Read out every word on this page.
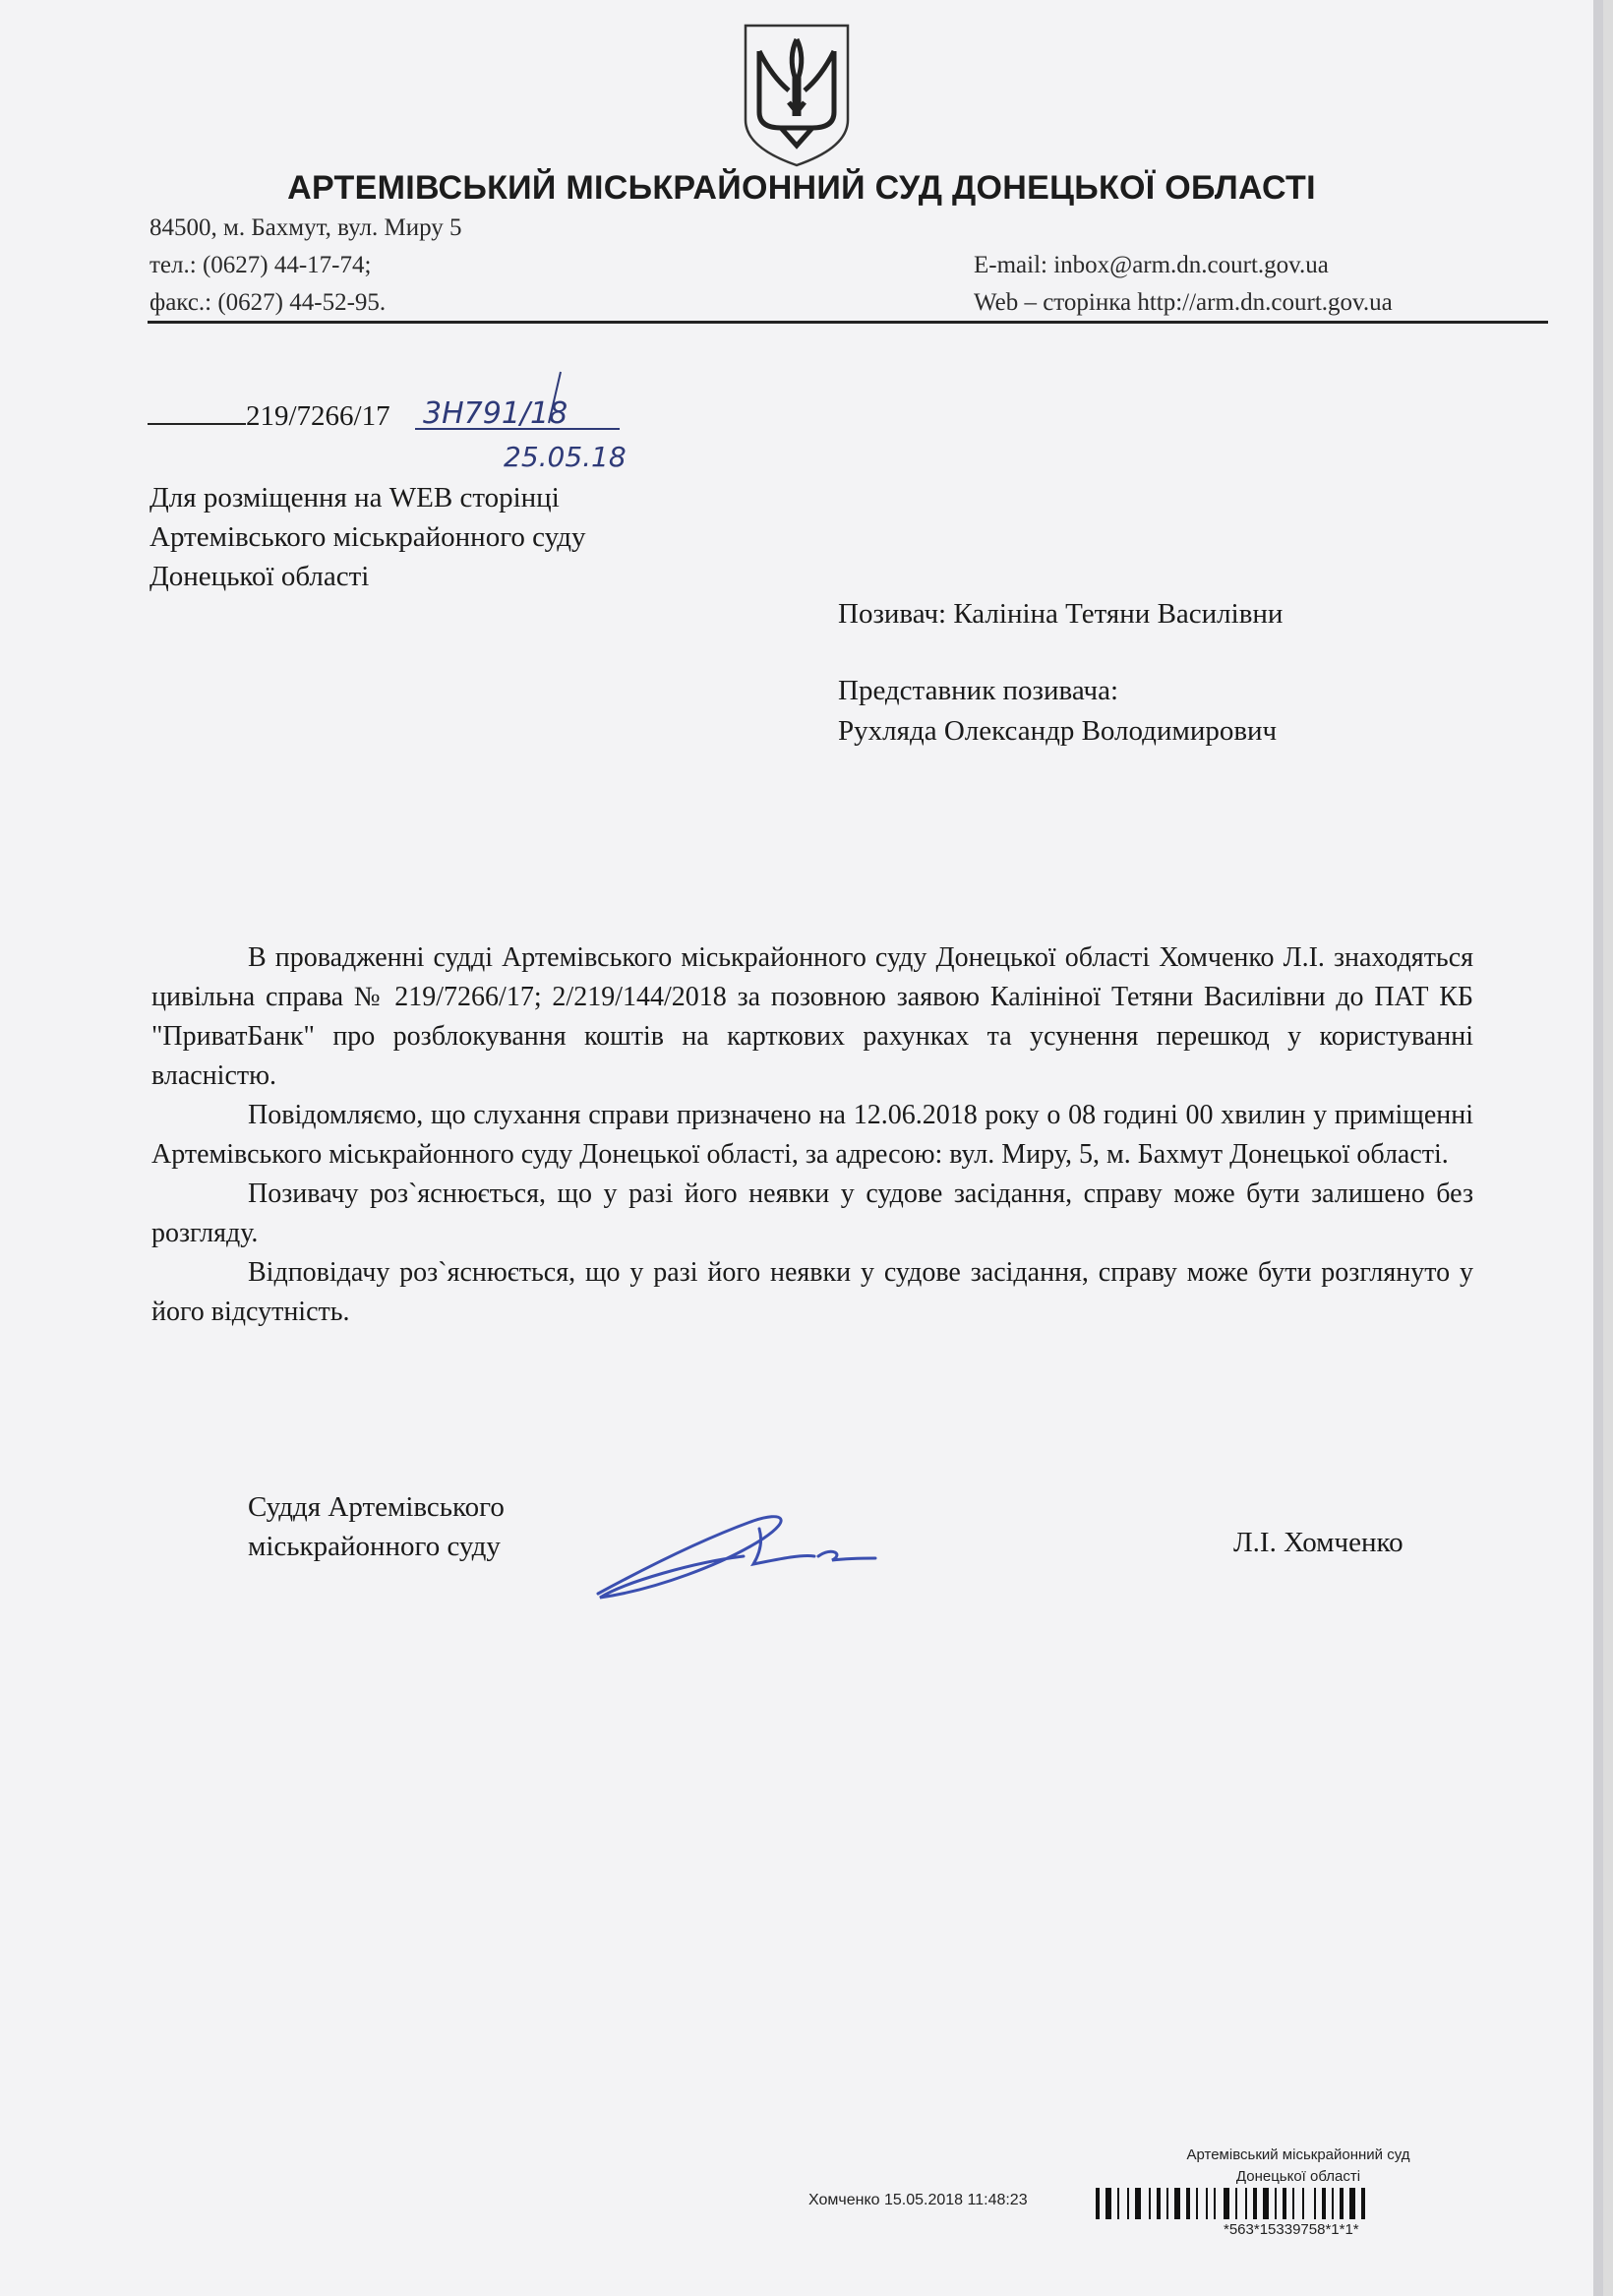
АРТЕМІВСЬКИЙ МІСЬКРАЙОННИЙ СУД ДОНЕЦЬКОЇ ОБЛАСТІ
84500, м. Бахмут, вул. Миру 5
тел.: (0627) 44-17-74;
факс.: (0627) 44-52-95.
E-mail: inbox@arm.dn.court.gov.ua
Web – сторінка http://arm.dn.court.gov.ua
219/7266/17 3H791/18
25.05.18
Для розміщення на WEB сторінці
Артемівського міськрайонного суду
Донецької області
Позивач: Калініна Тетяни Василівни
Представник позивача:
Рухляда Олександр Володимирович

В провадженні судді Артемівського міськрайонного суду Донецької області Хомченко Л.І. знаходяться цивільна справа № 219/7266/17; 2/219/144/2018 за позовною заявою Калініної Тетяни Василівни до ПАТ КБ "ПриватБанк" про розблокування коштів на карткових рахунках та усунення перешкод у користуванні власністю.

Повідомляємо, що слухання справи призначено на 12.06.2018 року о 08 годині 00 хвилин у приміщенні Артемівського міськрайонного суду Донецької області, за адресою: вул. Миру, 5, м. Бахмут Донецької області.

Позивачу роз`яснюється, що у разі його неявки у судове засідання, справу може бути залишено без розгляду.

Відповідачу роз`яснюється, що у разі його неявки у судове засідання, справу може бути розглянуто у його відсутність.

Суддя Артемівського
міськрайонного суду	Л.І. Хомченко
Артемівський міськрайонний суд
Донецької області
Хомченко 15.05.2018 11:48:23
*563*15339758*1*1*
